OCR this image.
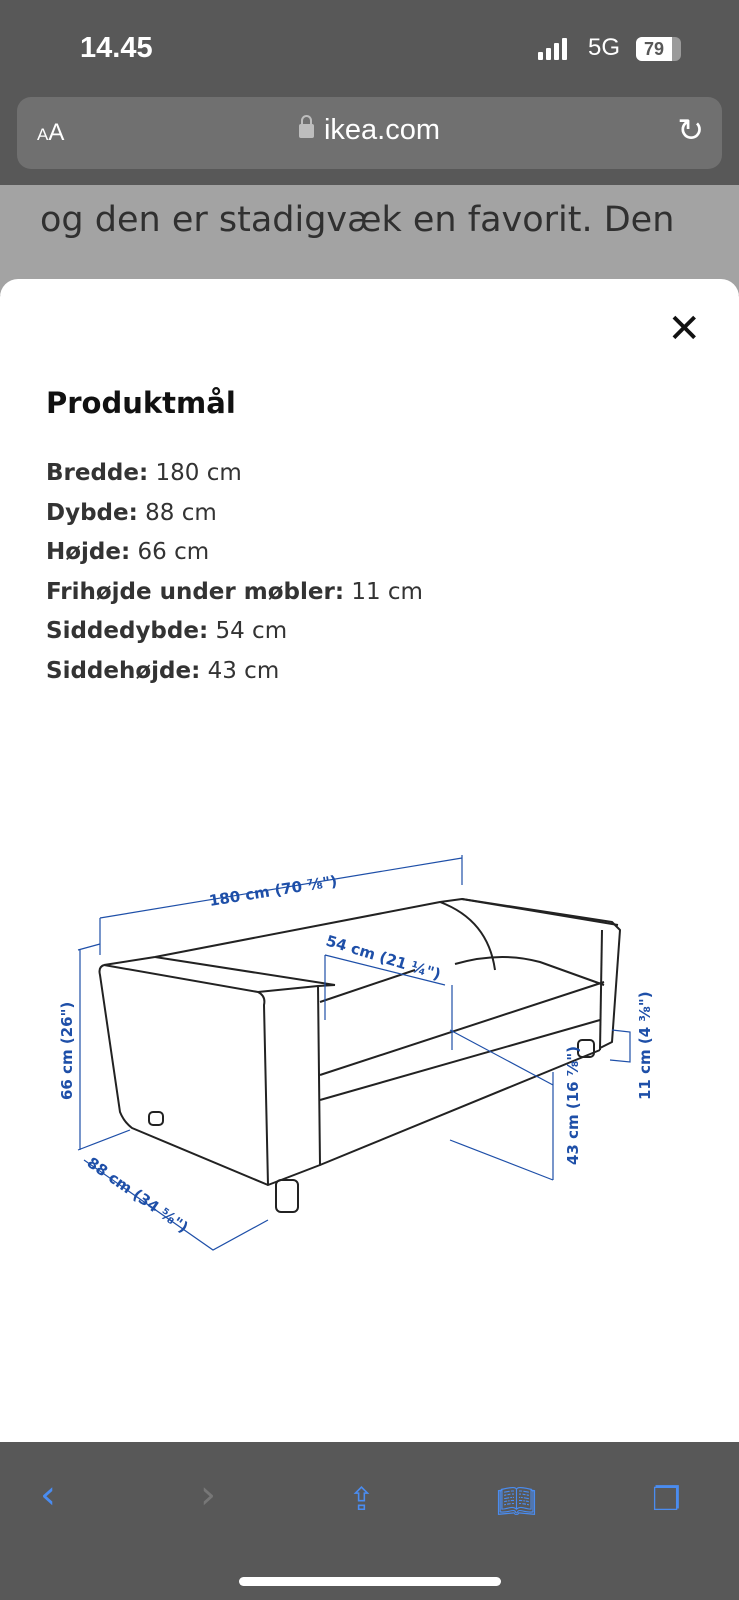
14.45	5G	79
AA	ikea.com	↻
og den er stadigvæk en favorit. Den
✕
Produktmål
Bredde: 180 cm
Dybde: 88 cm
Højde: 66 cm
Frihøjde under møbler: 11 cm
Siddedybde: 54 cm
Siddehøjde: 43 cm
180 cm (70 ⅞")
54 cm (21 ¼")
66 cm (26")
88 cm (34 ⅝")
43 cm (16 ⅞")
11 cm (4 ⅜")
‹	›	⇪	📖︎	❐
